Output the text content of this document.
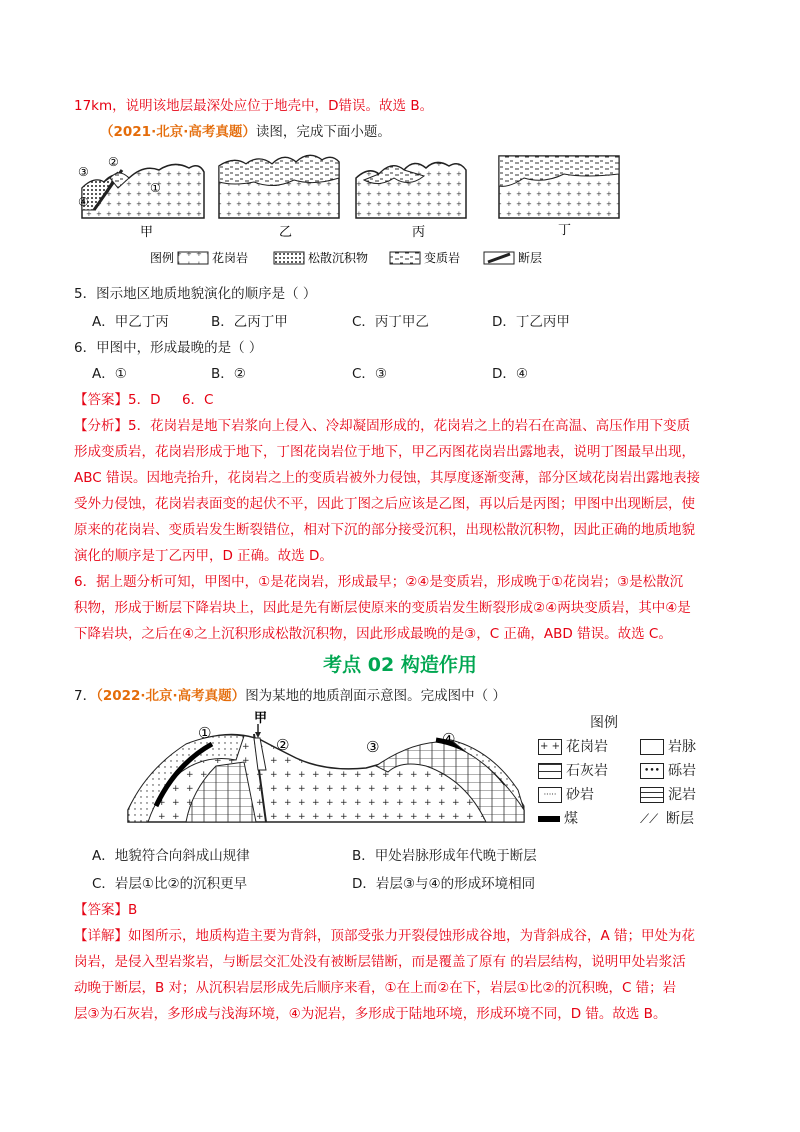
17km，说明该地层最深处应位于地壳中，D错误。故选 B。
（2021·北京·高考真题）读图，完成下面小题。
③
②
①
④
甲	乙	丙	丁
图例	花岗岩	松散沉积物	变质岩	断层
5．图示地区地质地貌演化的顺序是（ ）
A．甲乙丁丙	B．乙丙丁甲	C．丙丁甲乙	D．丁乙丙甲
6．甲图中，形成最晚的是（ ）
A．①	B．②	C．③	D．④
【答案】5．D     6．C
【分析】5．花岗岩是地下岩浆向上侵入、冷却凝固形成的，花岗岩之上的岩石在高温、高压作用下变质
形成变质岩，花岗岩形成于地下，丁图花岗岩位于地下，甲乙丙图花岗岩出露地表，说明丁图最早出现，
ABC 错误。因地壳抬升，花岗岩之上的变质岩被外力侵蚀，其厚度逐渐变薄，部分区域花岗岩出露地表接
受外力侵蚀，花岗岩表面变的起伏不平，因此丁图之后应该是乙图，再以后是丙图；甲图中出现断层，使
原来的花岗岩、变质岩发生断裂错位，相对下沉的部分接受沉积，出现松散沉积物，因此正确的地质地貌
演化的顺序是丁乙丙甲，D 正确。故选 D。
6．据上题分析可知，甲图中，①是花岗岩，形成最早；②④是变质岩，形成晚于①花岗岩；③是松散沉
积物，形成于断层下降岩块上，因此是先有断层使原来的变质岩发生断裂形成②④两块变质岩，其中④是
下降岩块，之后在④之上沉积形成松散沉积物，因此形成最晚的是③，C 正确，ABD 错误。故选 C。
考点 02 构造作用
7．（2022·北京·高考真题）图为某地的地质剖面示意图。完成图中（ ）
甲
①
②	③	④
图例
+ + 花岗岩	岩脉
石灰岩	••• 砾岩
····· 砂岩	泥岩
煤	⟋⟋ 断层
A．地貌符合向斜成山规律	B．甲处岩脉形成年代晚于断层
C．岩层①比②的沉积更早	D．岩层③与④的形成环境相同
【答案】B
【详解】如图所示，地质构造主要为背斜，顶部受张力开裂侵蚀形成谷地，为背斜成谷，A 错；甲处为花
岗岩，是侵入型岩浆岩，与断层交汇处没有被断层错断，而是覆盖了原有 的岩层结构，说明甲处岩浆活
动晚于断层，B 对；从沉积岩层形成先后顺序来看，①在上而②在下，岩层①比②的沉积晚，C 错；岩
层③为石灰岩，多形成与浅海环境，④为泥岩，多形成于陆地环境，形成环境不同，D 错。故选 B。
